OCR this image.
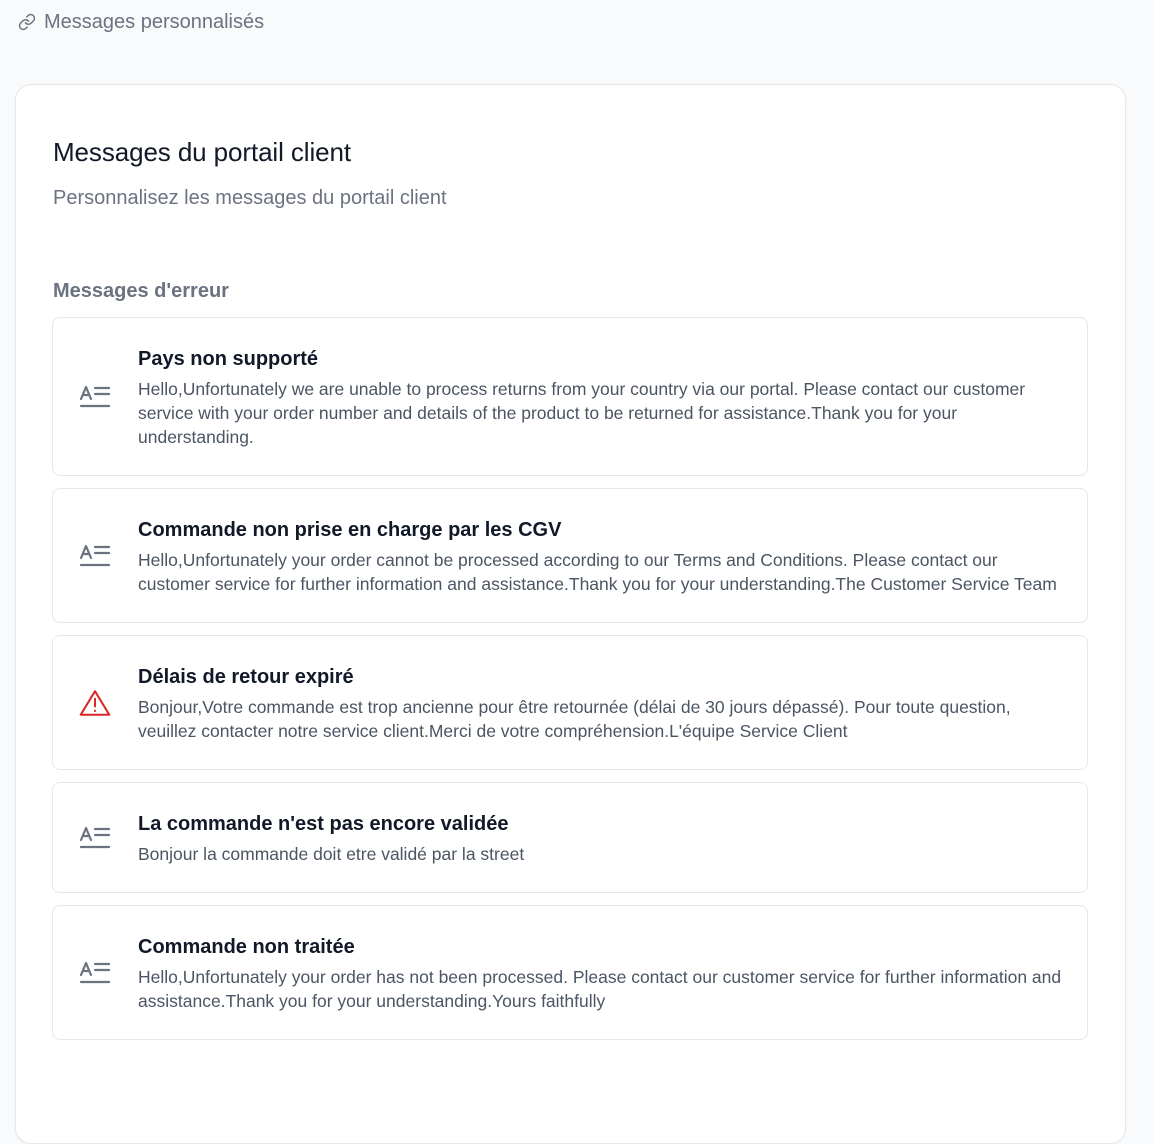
Messages personnalisés
Messages du portail client

Personnalisez les messages du portail client

Messages d'erreur
Pays non supporté
Hello,Unfortunately we are unable to process returns from your country via our portal. Please contact our customer service with your order number and details of the product to be returned for assistance.Thank you for your understanding.
Commande non prise en charge par les CGV
Hello,Unfortunately your order cannot be processed according to our Terms and Conditions. Please contact our customer service for further information and assistance.Thank you for your understanding.The Customer Service Team
Délais de retour expiré
Bonjour,Votre commande est trop ancienne pour être retournée (délai de 30 jours dépassé). Pour toute question, veuillez contacter notre service client.Merci de votre compréhension.L'équipe Service Client
La commande n'est pas encore validée
Bonjour la commande doit etre validé par la street
Commande non traitée
Hello,Unfortunately your order has not been processed. Please contact our customer service for further information and assistance.Thank you for your understanding.Yours faithfully
